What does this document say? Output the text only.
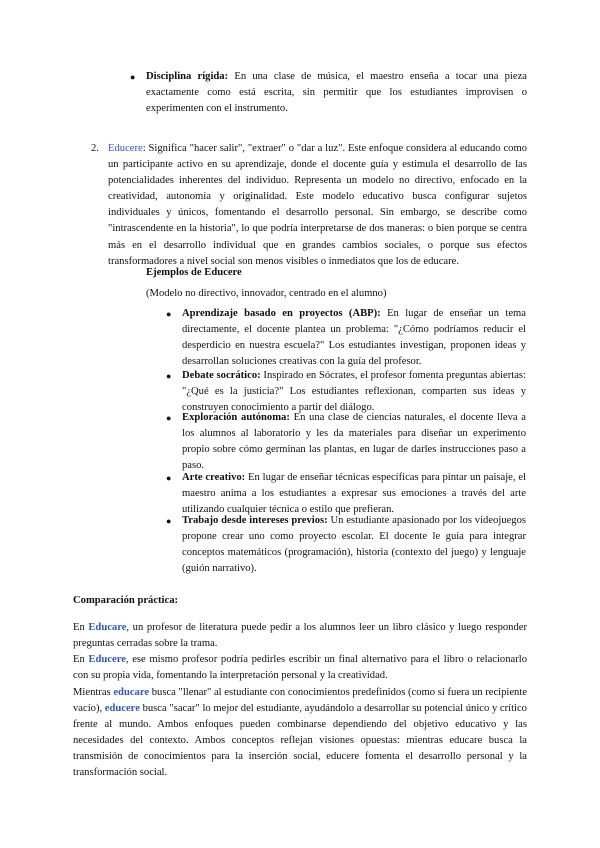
● Disciplina rígida: En una clase de música, el maestro enseña a tocar una pieza exactamente como está escrita, sin permitir que los estudiantes improvisen o experimenten con el instrumento.

2. Educere: Significa "hacer salir", "extraer" o "dar a luz". Este enfoque considera al educando como un participante activo en su aprendizaje, donde el docente guía y estimula el desarrollo de las potencialidades inherentes del individuo. Representa un modelo no directivo, enfocado en la creatividad, autonomía y originalidad. Este modelo educativo busca configurar sujetos individuales y únicos, fomentando el desarrollo personal. Sin embargo, se describe como "intrascendente en la historia", lo que podría interpretarse de dos maneras: o bien porque se centra más en el desarrollo individual que en grandes cambios sociales, o porque sus efectos transformadores a nivel social son menos visibles o inmediatos que los de educare.

Ejemplos de Educere
(Modelo no directivo, innovador, centrado en el alumno)
● Aprendizaje basado en proyectos (ABP): En lugar de enseñar un tema directamente, el docente plantea un problema: "¿Cómo podríamos reducir el desperdicio en nuestra escuela?" Los estudiantes investigan, proponen ideas y desarrollan soluciones creativas con la guía del profesor.

● Debate socrático: Inspirado en Sócrates, el profesor fomenta preguntas abiertas: "¿Qué es la justicia?" Los estudiantes reflexionan, comparten sus ideas y construyen conocimiento a partir del diálogo.

● Exploración autónoma: En una clase de ciencias naturales, el docente lleva a los alumnos al laboratorio y les da materiales para diseñar un experimento propio sobre cómo germinan las plantas, en lugar de darles instrucciones paso a paso.

● Arte creativo: En lugar de enseñar técnicas específicas para pintar un paisaje, el maestro anima a los estudiantes a expresar sus emociones a través del arte utilizando cualquier técnica o estilo que prefieran.

● Trabajo desde intereses previos: Un estudiante apasionado por los videojuegos propone crear uno como proyecto escolar. El docente le guía para integrar conceptos matemáticos (programación), historia (contexto del juego) y lenguaje (guión narrativo).

Comparación práctica:

En Educare, un profesor de literatura puede pedir a los alumnos leer un libro clásico y luego responder preguntas cerradas sobre la trama.

En Educere, ese mismo profesor podría pedirles escribir un final alternativo para el libro o relacionarlo con su propia vida, fomentando la interpretación personal y la creatividad.

Mientras educare busca "llenar" al estudiante con conocimientos predefinidos (como si fuera un recipiente vacío), educere busca "sacar" lo mejor del estudiante, ayudándolo a desarrollar su potencial único y crítico frente al mundo. Ambos enfoques pueden combinarse dependiendo del objetivo educativo y las necesidades del contexto. Ambos conceptos reflejan visiones opuestas: mientras educare busca la transmisión de conocimientos para la inserción social, educere fomenta el desarrollo personal y la transformación social.
